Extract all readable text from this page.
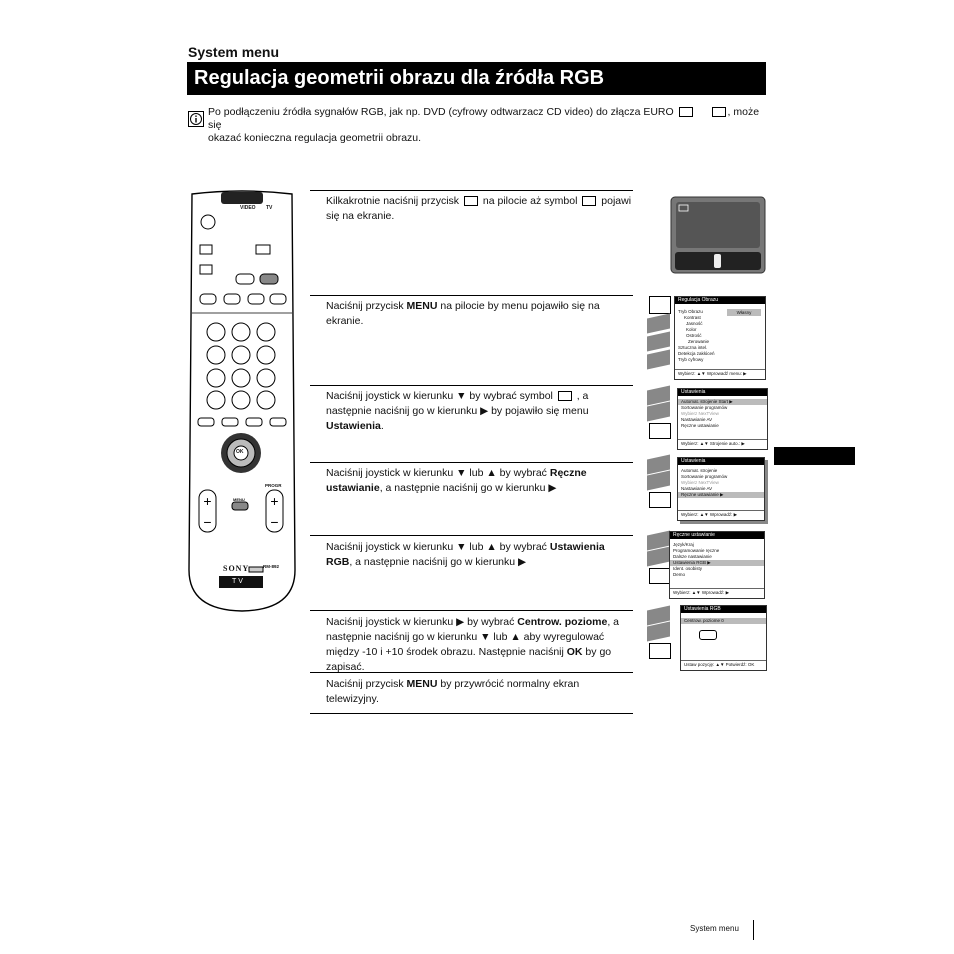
System menu
Regulacja geometrii obrazu dla źródła RGB
Po podłączeniu źródła sygnałów RGB, jak np. DVD (cyfrowy odtwarzacz CD video) do złącza EURO	, może się
okazać konieczna regulacja geometrii obrazu.
+
−
+
−
VIDEO TV
MENU
PROGR
OK
RM-892
SONY
TV
Kilkakrotnie naciśnij przycisk na pilocie aż symbol pojawi się na ekranie.
Naciśnij przycisk MENU na pilocie by menu pojawiło się na ekranie.
Naciśnij joystick w kierunku ▼ by wybrać symbol , a następnie naciśnij go w kierunku ▶ by pojawiło się menu Ustawienia.
Naciśnij joystick w kierunku ▼ lub ▲ by wybrać Ręczne ustawianie, a następnie naciśnij go w kierunku ▶
Naciśnij joystick w kierunku ▼ lub ▲ by wybrać Ustawienia RGB, a następnie naciśnij go w kierunku ▶
Naciśnij joystick w kierunku ▶ by wybrać Centrow. poziome, a następnie naciśnij go w kierunku ▼ lub ▲ aby wyregulować między -10 i +10 środek obrazu. Następnie naciśnij OK by go zapisać.
Naciśnij przycisk MENU by przywrócić normalny ekran telewizyjny.
Regulacja Obrazu
Własny
Tryb Obrazu
Kontrast
Jasność
Kolor
Ostrość
Zerowanie
Sztuczna intel.
Detekcja zakłóceń
Tryb cyfrowy
Wybierz: ▲▼ Wprowadź menu: ▶
Ustawienia
Automat. strojenie Start ▶
Sortowanie programów
Wybierz NexTView
Nastawianie AV
Ręczne ustawianie
Wybierz: ▲▼ Strojenie auto.: ▶
Ustawienia
Automat. strojenie
Sortowanie programów
Wybierz NexTView
Nastawianie AV
Ręczne ustawianie ▶
Wybierz: ▲▼ Wprowadź: ▶
Ręczne ustawianie
Język/Kraj
Programowanie ręczne
Dalsze nastawianie
Ustawienia RGB ▶
Ident. osobisty
Demo
Wybierz: ▲▼ Wprowadź: ▶
Ustawienia RGB
Centrow. poziome 0
Ustaw pozycję: ▲▼ Potwierdź: OK
System menu
